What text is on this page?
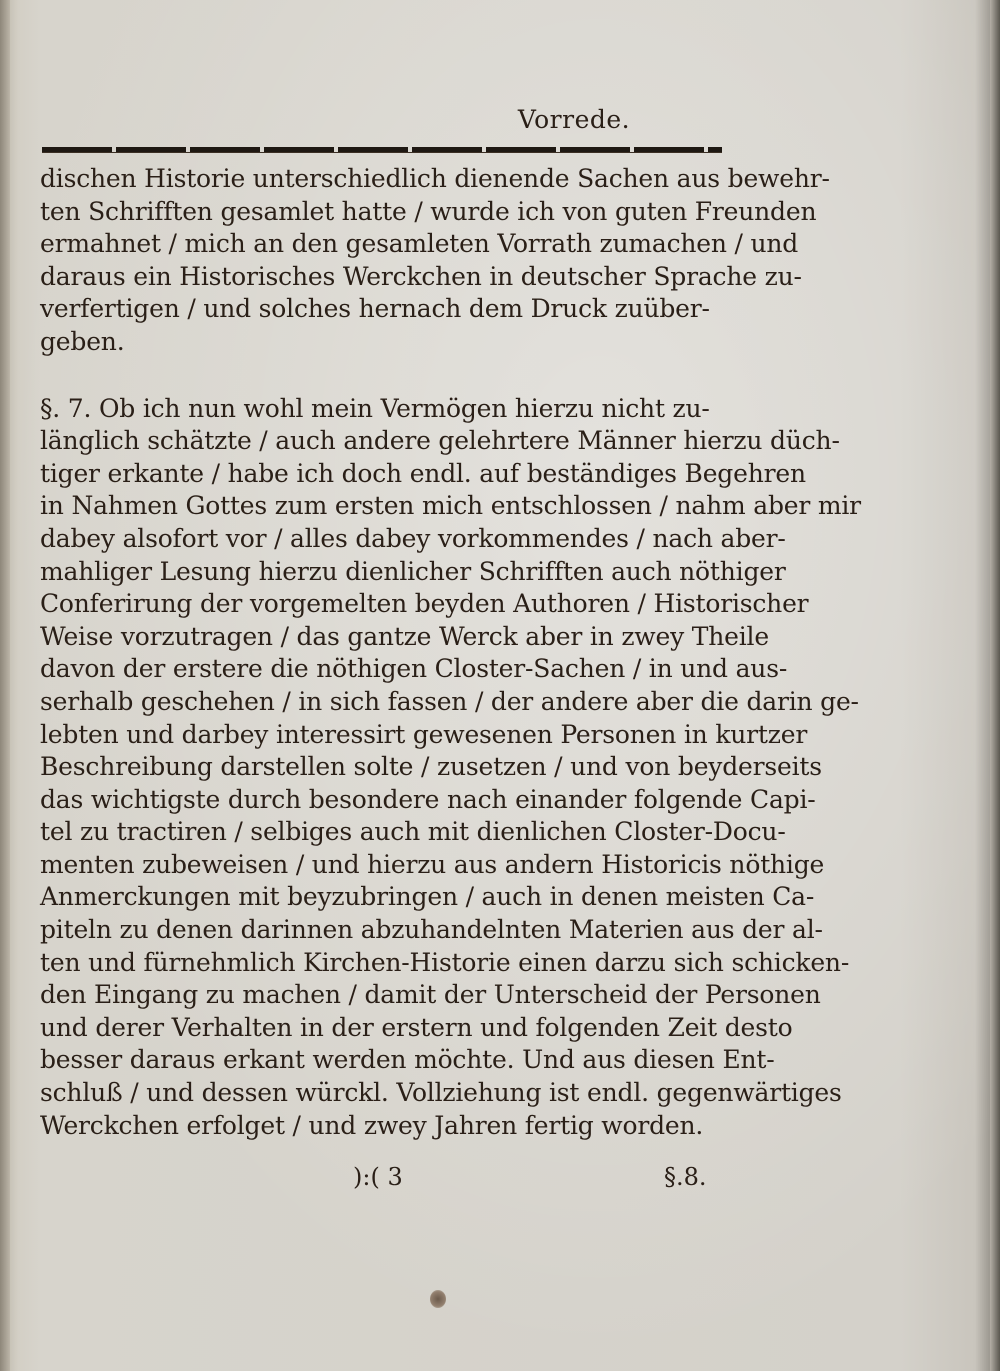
Vorrede.
dischen Historie unterschiedlich dienende Sachen aus bewehr-
ten Schrifften gesamlet hatte / wurde ich von guten Freunden
ermahnet / mich an den gesamleten Vorrath zumachen / und
daraus ein Historisches Werckchen in deutscher Sprache zu-
verfertigen / und solches hernach dem Druck zuüber-
geben.
§. 7. Ob ich nun wohl mein Vermögen hierzu nicht zu-
länglich schätzte / auch andere gelehrtere Männer hierzu düch-
tiger erkante / habe ich doch endl. auf beständiges Begehren
in Nahmen Gottes zum ersten mich entschlossen / nahm aber mir
dabey alsofort vor / alles dabey vorkommendes / nach aber-
mahliger Lesung hierzu dienlicher Schrifften auch nöthiger
Conferirung der vorgemelten beyden Authoren / Historischer
Weise vorzutragen / das gantze Werck aber in zwey Theile
davon der erstere die nöthigen Closter-Sachen / in und aus-
serhalb geschehen / in sich fassen / der andere aber die darin ge-
lebten und darbey interessirt gewesenen Personen in kurtzer
Beschreibung darstellen solte / zusetzen / und von beyderseits
das wichtigste durch besondere nach einander folgende Capi-
tel zu tractiren / selbiges auch mit dienlichen Closter-Docu-
menten zubeweisen / und hierzu aus andern Historicis nöthige
Anmerckungen mit beyzubringen / auch in denen meisten Ca-
piteln zu denen darinnen abzuhandelnten Materien aus der al-
ten und fürnehmlich Kirchen-Historie einen darzu sich schicken-
den Eingang zu machen / damit der Unterscheid der Personen
und derer Verhalten in der erstern und folgenden Zeit desto
besser daraus erkant werden möchte. Und aus diesen Ent-
schluß / und dessen würckl. Vollziehung ist endl. gegenwärtiges
Werckchen erfolget / und zwey Jahren fertig worden.
):( 3	§.8.
